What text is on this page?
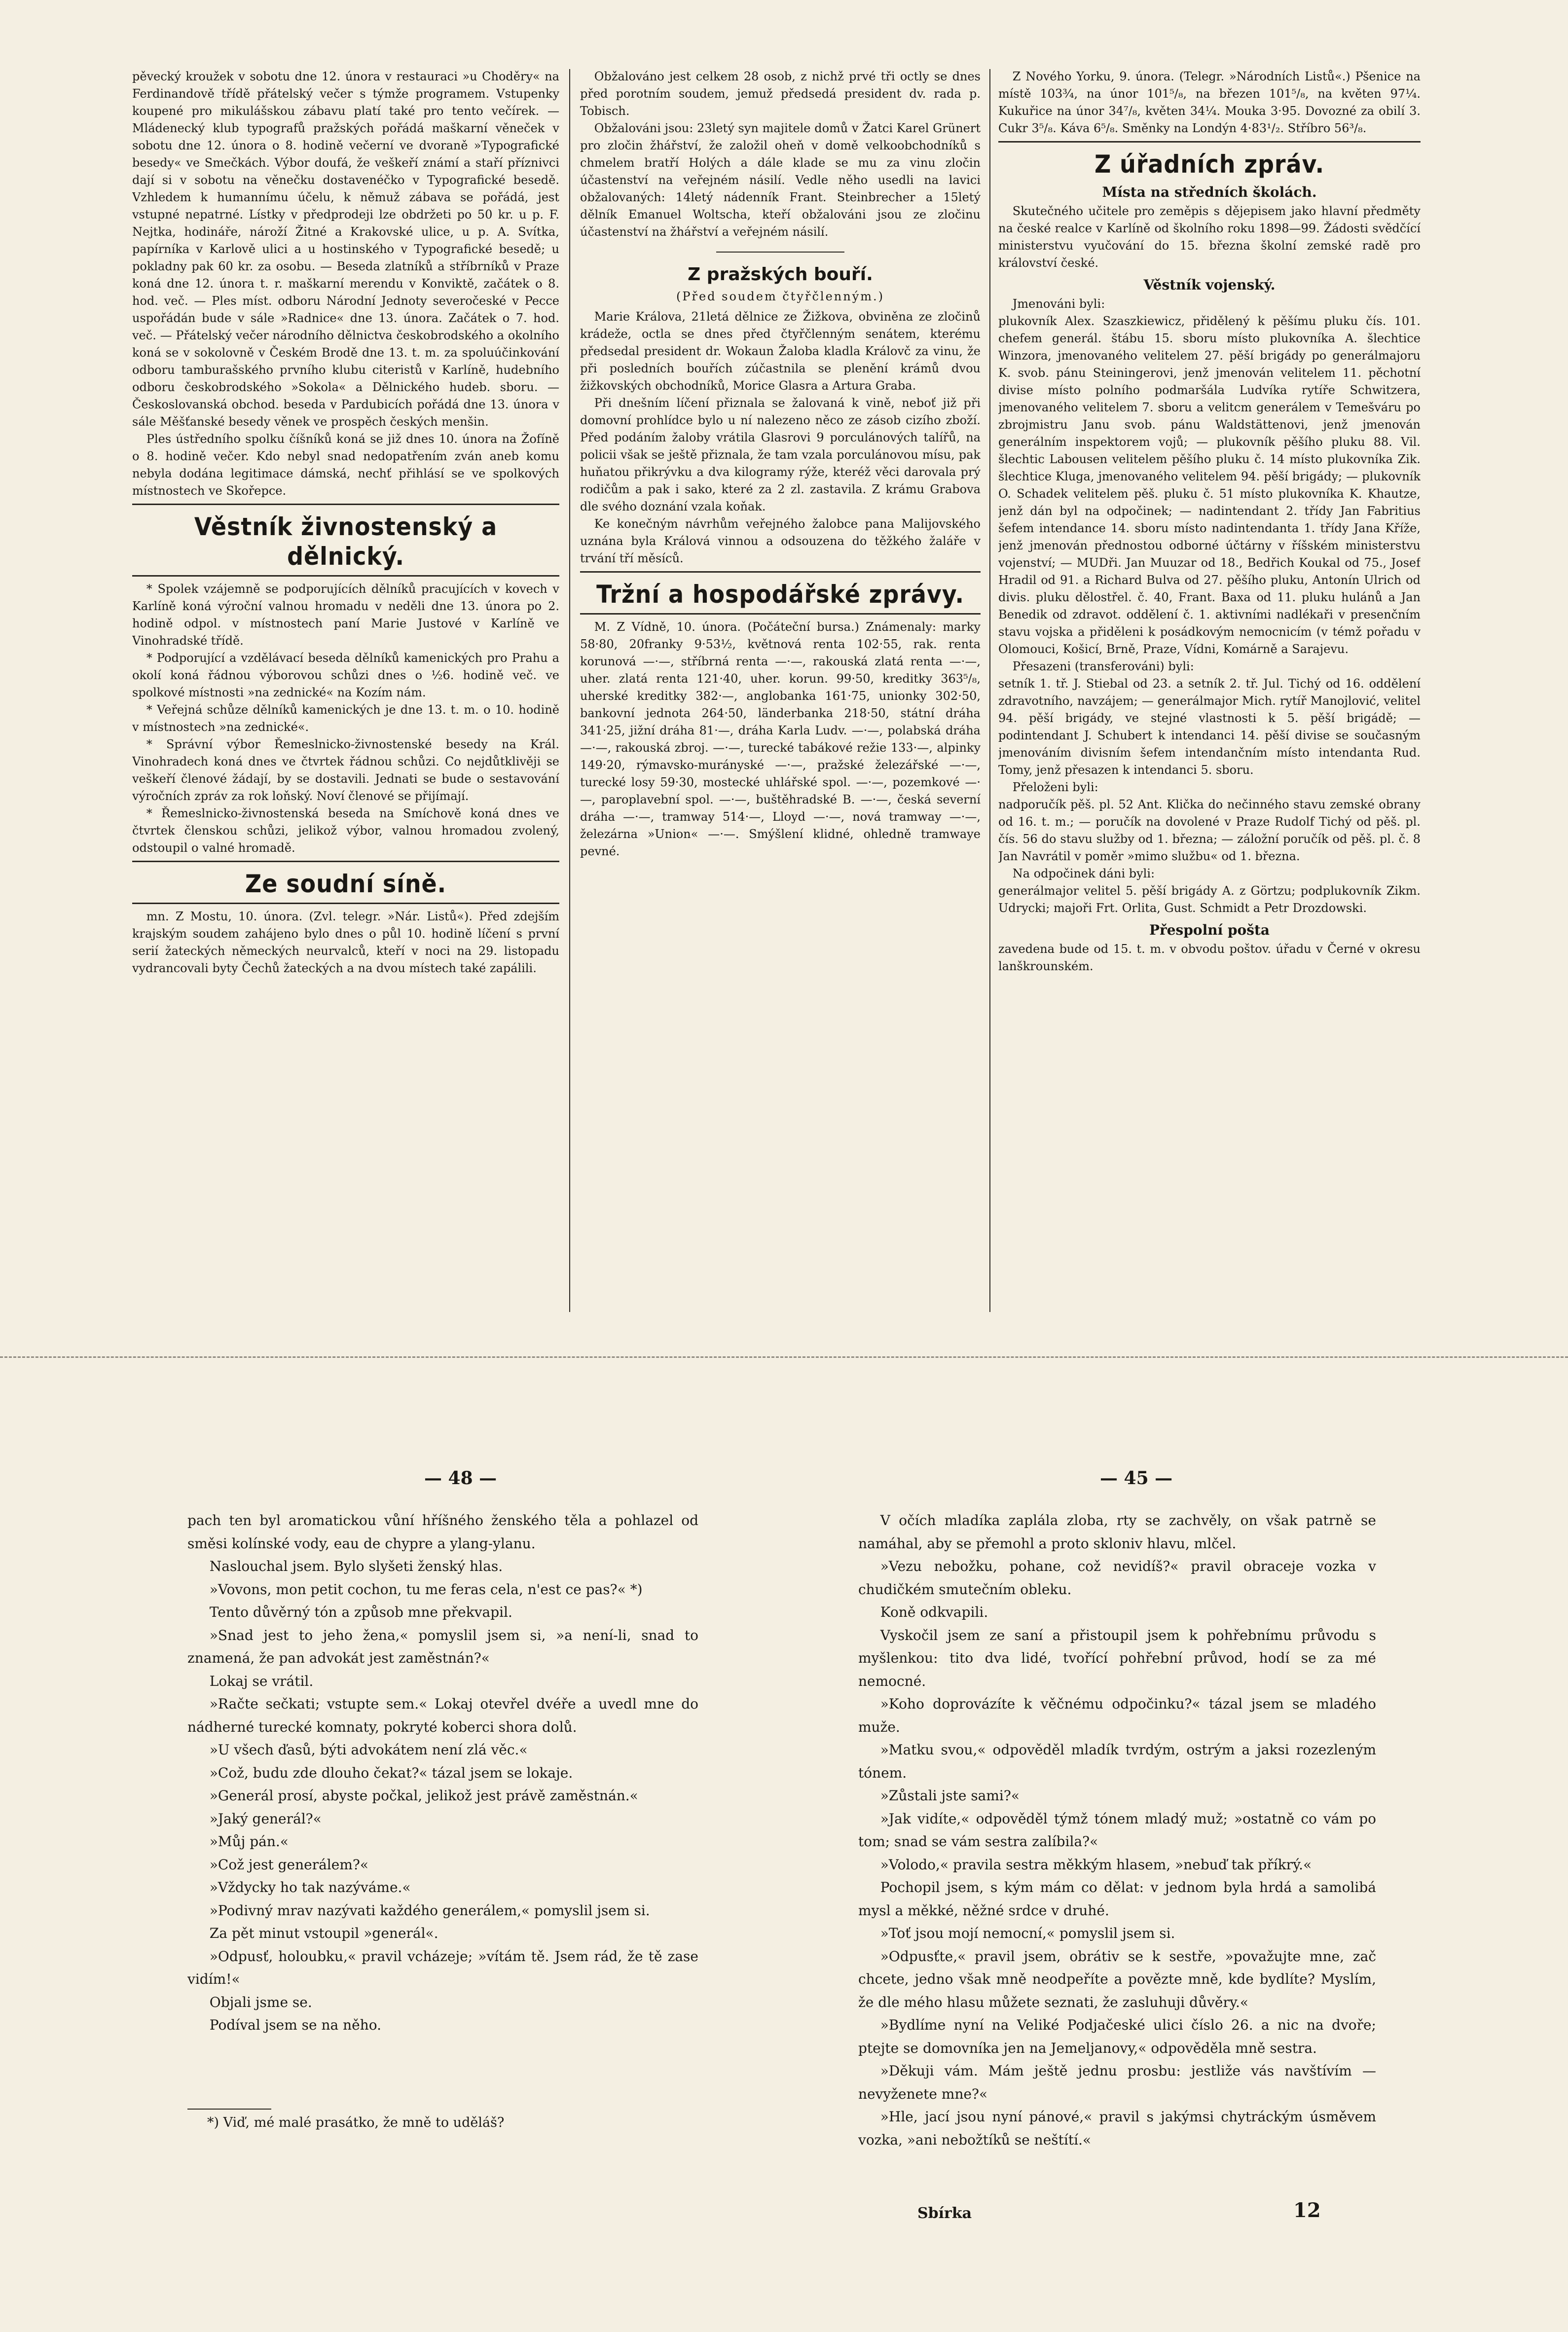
pěvecký kroužek v sobotu dne 12. února v restauraci »u Choděry« na Ferdinandově třídě přátelský večer s týmže programem. Vstupenky koupené pro mikulášskou zábavu platí také pro tento večírek. — Mládenecký klub typografů pražských pořádá maškarní věneček v sobotu dne 12. února o 8. hodině večerní ve dvoraně »Typografické besedy« ve Smečkách. Výbor doufá, že veškeří známí a staří příznivci dají si v sobotu na věnečku dostavenéčko v Typografické besedě. Vzhledem k humannímu účelu, k němuž zábava se pořádá, jest vstupné nepatrné. Lístky v předprodeji lze obdržeti po 50 kr. u p. F. Nejtka, hodináře, nároží Žitné a Krakovské ulice, u p. A. Svítka, papírníka v Karlově ulici a u hostinského v Typografické besedě; u pokladny pak 60 kr. za osobu. — Beseda zlatníků a stříbrníků v Praze koná dne 12. února t. r. maškarní merendu v Konviktě, začátek o 8. hod. več. — Ples míst. odboru Národní Jednoty severočeské v Pecce uspořádán bude v sále »Radnice« dne 13. února. Začátek o 7. hod. več. — Přátelský večer národního dělnictva českobrodského a okolního koná se v sokolovně v Českém Brodě dne 13. t. m. za spoluúčinkování odboru tamburašského prvního klubu citeristů v Karlíně, hudebního odboru českobrodského »Sokola« a Dělnického hudeb. sboru. — Českoslovanská obchod. beseda v Pardubicích pořádá dne 13. února v sále Měšťanské besedy věnek ve prospěch českých menšin.

Ples ústředního spolku číšníků koná se již dnes 10. února na Žofíně o 8. hodině večer. Kdo nebyl snad nedopatřením zván aneb komu nebyla dodána legitimace dámská, nechť přihlásí se ve spolkových místnostech ve Skořepce.

Věstník živnostenský a dělnický.

* Spolek vzájemně se podporujících dělníků pracujících v kovech v Karlíně koná výroční valnou hromadu v neděli dne 13. února po 2. hodině odpol. v místnostech paní Marie Justové v Karlíně ve Vinohradské třídě.

* Podporující a vzdělávací beseda dělníků kamenických pro Prahu a okolí koná řádnou výborovou schůzi dnes o ½6. hodině več. ve spolkové místnosti »na zednické« na Kozím nám.

* Veřejná schůze dělníků kamenických je dne 13. t. m. o 10. hodině v místnostech »na zednické«.

* Správní výbor Řemeslnicko-živnostenské besedy na Král. Vinohradech koná dnes ve čtvrtek řádnou schůzi. Co nejdůtklivěji se veškeří členové žádají, by se dostavili. Jednati se bude o sestavování výročních zpráv za rok loňský. Noví členové se přijímají.

* Řemeslnicko-živnostenská beseda na Smíchově koná dnes ve čtvrtek členskou schůzi, jelikož výbor, valnou hromadou zvolený, odstoupil o valné hromadě.

Ze soudní síně.

mn. Z Mostu, 10. února. (Zvl. telegr. »Nár. Listů«). Před zdejším krajským soudem zahájeno bylo dnes o půl 10. hodině líčení s první serií žateckých německých neurvalců, kteří v noci na 29. listopadu vydrancovali byty Čechů žateckých a na dvou místech také zapálili.

Obžalováno jest celkem 28 osob, z nichž prvé tři octly se dnes před porotním soudem, jemuž předsedá president dv. rada p. Tobisch.

Obžalováni jsou: 23letý syn majitele domů v Žatci Karel Grünert pro zločin žhářství, že založil oheň v domě velkoobchodníků s chmelem bratří Holých a dále klade se mu za vinu zločin účastenství na veřejném násilí. Vedle něho usedli na lavici obžalovaných: 14letý nádenník Frant. Steinbrecher a 15letý dělník Emanuel Woltscha, kteří obžalováni jsou ze zločinu účastenství na žhářství a veřejném násilí.

Z pražských bouří.
(Před soudem čtyřčlenným.)

Marie Králova, 21letá dělnice ze Žižkova, obviněna ze zločinů krádeže, octla se dnes před čtyřčlenným senátem, kterému předsedal president dr. Wokaun Žaloba kladla Královč za vinu, že při posledních bouřích zúčastnila se plenění krámů dvou žižkovských obchodníků, Morice Glasra a Artura Graba.

Při dnešním líčení přiznala se žalovaná k vině, neboť již při domovní prohlídce bylo u ní nalezeno něco ze zásob cizího zboží. Před podáním žaloby vrátila Glasrovi 9 porculánových talířů, na policii však se ještě přiznala, že tam vzala porculánovou mísu, pak huňatou přikrývku a dva kilogramy rýže, kteréž věci darovala prý rodičům a pak i sako, které za 2 zl. zastavila. Z krámu Grabova dle svého doznání vzala koňak.

Ke konečným návrhům veřejného žalobce pana Malijovského uznána byla Králová vinnou a odsouzena do těžkého žaláře v trvání tří měsíců.

Tržní a hospodářské zprávy.

M. Z Vídně, 10. února. (Počáteční bursa.) Známenaly: marky 58·80, 20franky 9·53½, květnová renta 102·55, rak. renta korunová —·—, stříbrná renta —·—, rakouská zlatá renta —·—, uher. zlatá renta 121·40, uher. korun. 99·50, kreditky 363⁵/₈, uherské kreditky 382·—, anglobanka 161·75, unionky 302·50, bankovní jednota 264·50, länderbanka 218·50, státní dráha 341·25, jižní dráha 81·—, dráha Karla Ludv. —·—, polabská dráha —·—, rakouská zbroj. —·—, turecké tabákové režie 133·—, alpinky 149·20, rýmavsko-murányské —·—, pražské železářské —·—, turecké losy 59·30, mostecké uhlářské spol. —·—, pozemkové —·—, paroplavební spol. —·—, buštěhradské B. —·—, česká severní dráha —·—, tramway 514·—, Lloyd —·—, nová tramway —·—, železárna »Union« —·—. Smýšlení klidné, ohledně tramwaye pevné.

Z Nového Yorku, 9. února. (Telegr. »Národních Listů«.) Pšenice na místě 103¾, na únor 101⁵/₈, na březen 101⁵/₈, na květen 97¼. Kukuřice na únor 34⁷/₈, květen 34¼. Mouka 3·95. Dovozné za obilí 3. Cukr 3⁵/₈. Káva 6⁵/₈. Směnky na Londýn 4·83¹/₂. Stříbro 56³/₈.

Z úřadních zpráv.
Místa na středních školách.

Skutečného učitele pro zeměpis s dějepisem jako hlavní předměty na české realce v Karlíně od školního roku 1898—99. Žádosti svědčící ministerstvu vyučování do 15. března školní zemské radě pro království české.

Věstník vojenský.

Jmenováni byli:

plukovník Alex. Szaszkiewicz, přidělený k pěšímu pluku čís. 101. chefem generál. štábu 15. sboru místo plukovníka A. šlechtice Winzora, jmenovaného velitelem 27. pěší brigády po generálmajoru K. svob. pánu Steiningerovi, jenž jmenován velitelem 11. pěchotní divise místo polního podmaršála Ludvíka rytíře Schwitzera, jmenovaného velitelem 7. sboru a velitcm generálem v Temešváru po zbrojmistru Janu svob. pánu Waldstättenovi, jenž jmenován generálním inspektorem vojů; — plukovník pěšího pluku 88. Vil. šlechtic Labousen velitelem pěšího pluku č. 14 místo plukovníka Zik. šlechtice Kluga, jmenovaného velitelem 94. pěší brigády; — plukovník O. Schadek velitelem pěš. pluku č. 51 místo plukovníka K. Khautze, jenž dán byl na odpočinek; — nadintendant 2. třídy Jan Fabritius šefem intendance 14. sboru místo nadintendanta 1. třídy Jana Kříže, jenž jmenován přednostou odborné účtárny v říšském ministerstvu vojenství; — MUDři. Jan Muuzar od 18., Bedřich Koukal od 75., Josef Hradil od 91. a Richard Bulva od 27. pěšího pluku, Antonín Ulrich od divis. pluku dělostřel. č. 40, Frant. Baxa od 11. pluku hulánů a Jan Benedik od zdravot. oddělení č. 1. aktivními nadlékaři v presenčním stavu vojska a přiděleni k posádkovým nemocnicím (v témž pořadu v Olomouci, Košicí, Brně, Praze, Vídni, Komárně a Sarajevu.

Přesazeni (transferováni) byli:

setník 1. tř. J. Stiebal od 23. a setník 2. tř. Jul. Tichý od 16. oddělení zdravotního, navzájem; — generálmajor Mich. rytíř Manojlović, velitel 94. pěší brigády, ve stejné vlastnosti k 5. pěší brigádě; — podintendant J. Schubert k intendanci 14. pěší divise se současným jmenováním divisním šefem intendančním místo intendanta Rud. Tomy, jenž přesazen k intendanci 5. sboru.

Přeloženi byli:

nadporučík pěš. pl. 52 Ant. Klička do nečinného stavu zemské obrany od 16. t. m.; — poručík na dovolené v Praze Rudolf Tichý od pěš. pl. čís. 56 do stavu služby od 1. března; — záložní poručík od pěš. pl. č. 8 Jan Navrátil v poměr »mimo službu« od 1. března.

Na odpočinek dáni byli:

generálmajor velitel 5. pěší brigády A. z Görtzu; podplukovník Zikm. Udrycki; majoři Frt. Orlita, Gust. Schmidt a Petr Drozdowski.

Přespolní pošta

zavedena bude od 15. t. m. v obvodu poštov. úřadu v Černé v okresu lanškrounském.

— 48 —	— 45 —

pach ten byl aromatickou vůní hříšného ženského těla a pohlazel od směsi kolínské vody, eau de chypre a ylang-ylanu.

Naslouchal jsem. Bylo slyšeti ženský hlas.

»Vovons, mon petit cochon, tu me feras cela, n'est ce pas?« *)

Tento důvěrný tón a způsob mne překvapil.

»Snad jest to jeho žena,« pomyslil jsem si, »a není-li, snad to znamená, že pan advokát jest zaměstnán?«

Lokaj se vrátil.

»Račte sečkati; vstupte sem.« Lokaj otevřel dvéře a uvedl mne do nádherné turecké komnaty, pokryté koberci shora dolů.

»U všech ďasů, býti advokátem není zlá věc.«

»Což, budu zde dlouho čekat?« tázal jsem se lokaje.

»Generál prosí, abyste počkal, jelikož jest právě zaměstnán.«

»Jaký generál?«

»Můj pán.«

»Což jest generálem?«

»Vždycky ho tak nazýváme.«

»Podivný mrav nazývati každého generálem,« pomyslil jsem si.

Za pět minut vstoupil »generál«.

»Odpusť, holoubku,« pravil vcházeje; »vítám tě. Jsem rád, že tě zase vidím!«

Objali jsme se.

Podíval jsem se na něho.

*) Viď, mé malé prasátko, že mně to uděláš?

V očích mladíka zaplála zloba, rty se zachvěly, on však patrně se namáhal, aby se přemohl a proto skloniv hlavu, mlčel.

»Vezu nebožku, pohane, což nevidíš?« pravil obraceje vozka v chudičkém smutečním obleku.

Koně odkvapili.

Vyskočil jsem ze saní a přistoupil jsem k pohřebnímu průvodu s myšlenkou: tito dva lidé, tvořící pohřební průvod, hodí se za mé nemocné.

»Koho doprovázíte k věčnému odpočinku?« tázal jsem se mladého muže.

»Matku svou,« odpověděl mladík tvrdým, ostrým a jaksi rozezleným tónem.

»Zůstali jste sami?«

»Jak vidíte,« odpověděl týmž tónem mladý muž; »ostatně co vám po tom; snad se vám sestra zalíbila?«

»Volodo,« pravila sestra měkkým hlasem, »nebuď tak příkrý.«

Pochopil jsem, s kým mám co dělat: v jednom byla hrdá a samolibá mysl a měkké, něžné srdce v druhé.

»Toť jsou mojí nemocní,« pomyslil jsem si.

»Odpusťte,« pravil jsem, obrátiv se k sestře, »považujte mne, zač chcete, jedno však mně neodpeříte a povězte mně, kde bydlíte? Myslím, že dle mého hlasu můžete seznati, že zasluhuji důvěry.«

»Bydlíme nyní na Veliké Podjačeské ulici číslo 26. a nic na dvoře; ptejte se domovníka jen na Jemeljanovy,« odpověděla mně sestra.

»Děkuji vám. Mám ještě jednu prosbu: jestliže vás navštívím — nevyženete mne?«

»Hle, jací jsou nyní pánové,« pravil s jakýmsi chytráckým úsměvem vozka, »ani nebožtíků se neštítí.«

Sbírka	12
